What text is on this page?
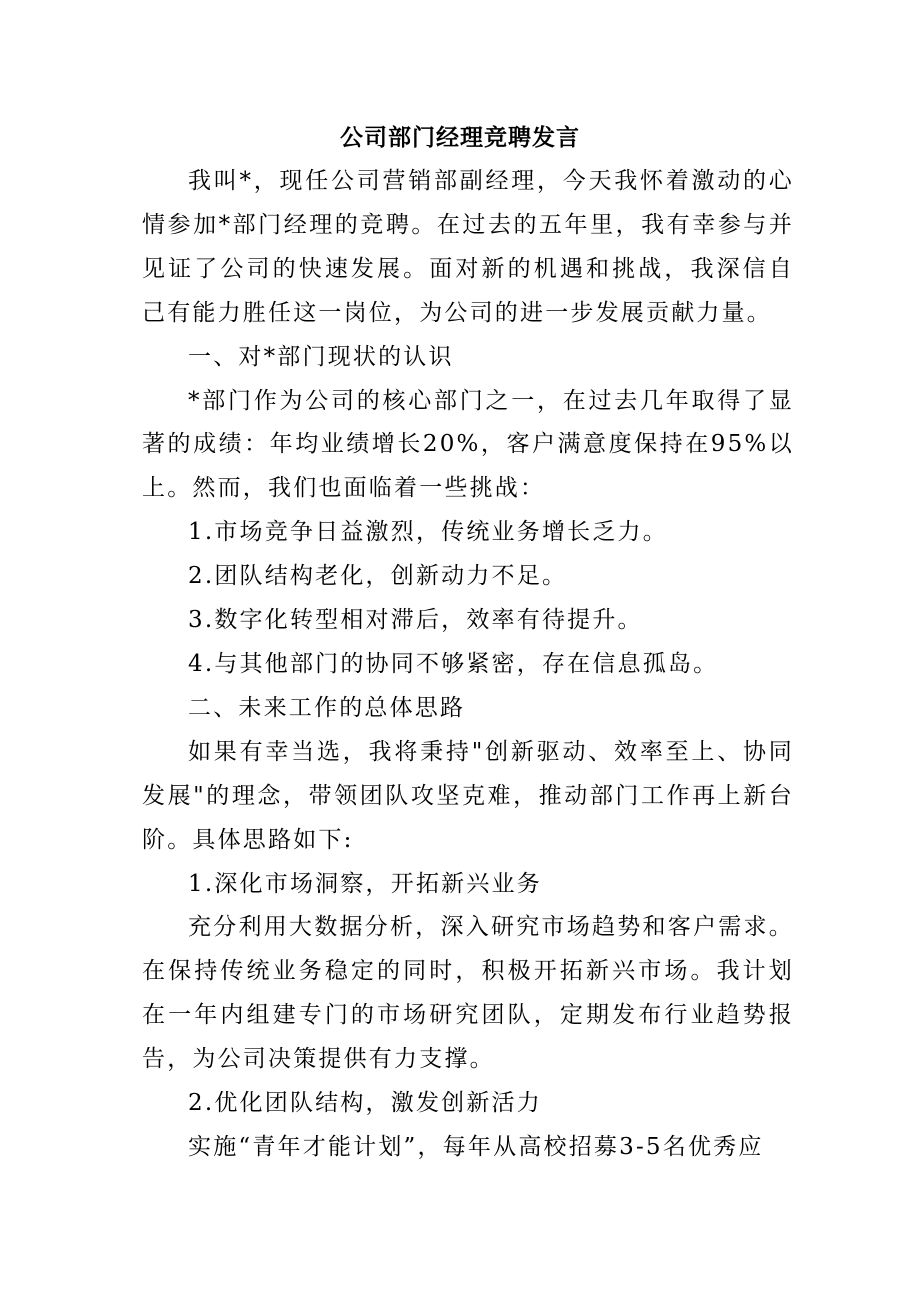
公司部门经理竞聘发言

我叫*，现任公司营销部副经理，今天我怀着激动的心情参加*部门经理的竞聘。在过去的五年里，我有幸参与并见证了公司的快速发展。面对新的机遇和挑战，我深信自己有能力胜任这一岗位，为公司的进一步发展贡献力量。

一、对*部门现状的认识

*部门作为公司的核心部门之一，在过去几年取得了显著的成绩：年均业绩增长20%，客户满意度保持在95%以上。然而，我们也面临着一些挑战：

1.市场竞争日益激烈，传统业务增长乏力。

2.团队结构老化，创新动力不足。

3.数字化转型相对滞后，效率有待提升。

4.与其他部门的协同不够紧密，存在信息孤岛。

二、未来工作的总体思路

如果有幸当选，我将秉持"创新驱动、效率至上、协同发展"的理念，带领团队攻坚克难，推动部门工作再上新台阶。具体思路如下:

1.深化市场洞察，开拓新兴业务

充分利用大数据分析，深入研究市场趋势和客户需求。在保持传统业务稳定的同时，积极开拓新兴市场。我计划在一年内组建专门的市场研究团队，定期发布行业趋势报告，为公司决策提供有力支撑。

2.优化团队结构，激发创新活力

实施“青年才能计划”，每年从高校招募3-5名优秀应
